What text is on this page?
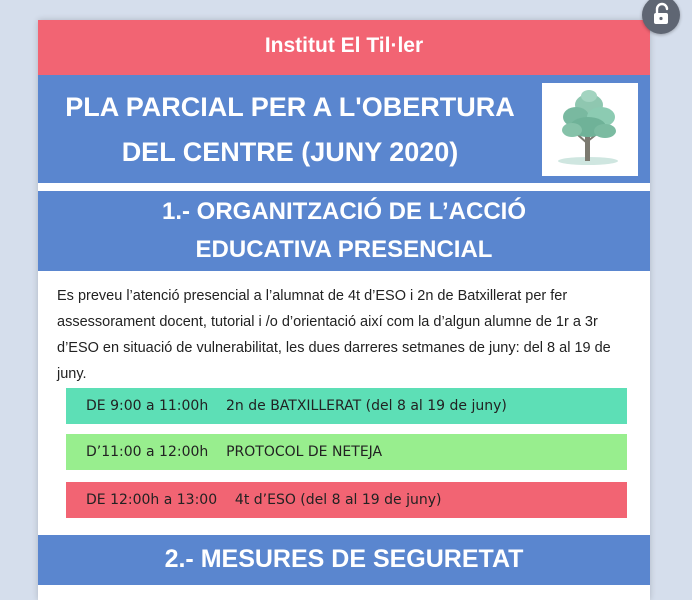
Institut El Til·ler
PLA PARCIAL PER A L'OBERTURA
DEL CENTRE (JUNY 2020)
1.- ORGANITZACIÓ DE L’ACCIÓ
EDUCATIVA PRESENCIAL
Es preveu l’atenció presencial a l’alumnat de 4t d’ESO i 2n de Batxillerat per fer assessorament docent, tutorial i /o d’orientació així com la d’algun alumne de 1r a 3r d’ESO en situació de vulnerabilitat, les dues darreres setmanes de juny: del 8 al 19 de juny.
DE 9:00 a 11:00h    2n de BATXILLERAT (del 8 al 19 de juny)
D’11:00 a 12:00h    PROTOCOL DE NETEJA
DE 12:00h a 13:00    4t d’ESO (del 8 al 19 de juny)
2.- MESURES DE SEGURETAT
